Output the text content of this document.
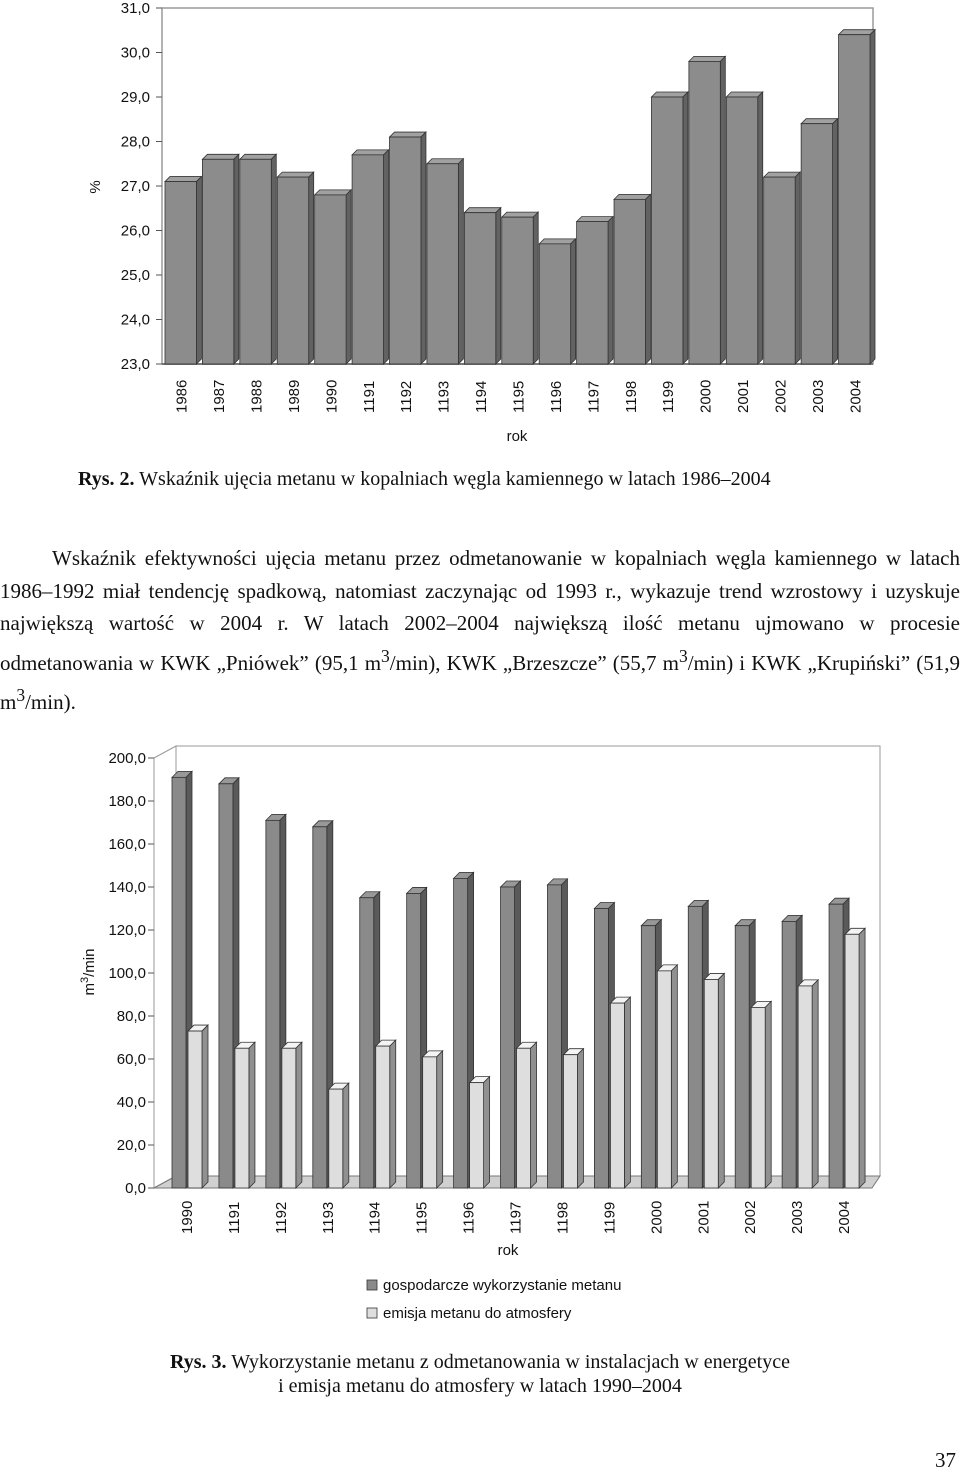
23,0
24,0
25,0
26,0
27,0
28,0
29,0
30,0
31,0
1986 1987 1988 1989 1990 1191 1192 1193 1194 1195 1196 1197 1198 1199 2000 2001 2002 2003 2004
%
rok
Rys. 2. Wskaźnik ujęcia metanu w kopalniach węgla kamiennego w latach 1986–2004

Wskaźnik efektywności ujęcia metanu przez odmetanowanie w kopalniach węgla kamiennego w latach 1986–1992 miał tendencję spadkową, natomiast zaczynając od 1993 r., wykazuje trend wzrostowy i uzyskuje największą wartość w 2004 r. W latach 2002–2004 największą ilość metanu ujmowano w procesie odmetanowania w KWK „Pniówek” (95,1 $m^3/\min$), KWK „Brzeszcze” (55,7 $m^3/\min$) i KWK „Krupiński” (51,9 $m^3/\min$).

0,0
20,0
40,0
60,0
80,0
100,0
120,0
140,0
160,0
180,0
200,0
1990 1191 1192 1193 1194 1195 1196 1197 1198 1199 2000 2001 2002 2003 2004
$m^3/\min$
rok
gospodarcze wykorzystanie metanu
emisja metanu do atmosfery
Rys. 3. Wykorzystanie metanu z odmetanowania w instalacjach w energetyce
i emisja metanu do atmosfery w latach 1990–2004
37
